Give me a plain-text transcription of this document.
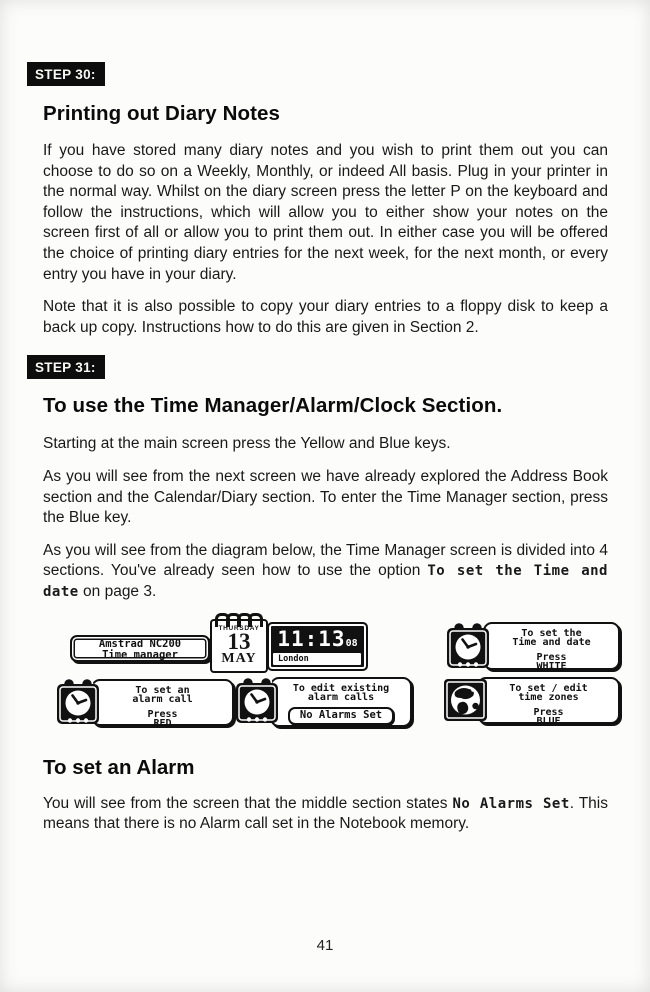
STEP 30:
Printing out Diary Notes

If you have stored many diary notes and you wish to print them out you can choose to do so on a Weekly, Monthly, or indeed All basis. Plug in your printer in the normal way. Whilst on the diary screen press the letter P on the keyboard and follow the instructions, which will allow you to either show your notes on the screen first of all or allow you to print them out. In either case you will be offered the choice of printing diary entries for the next week, for the next month, or every entry you have in your diary.

Note that it is also possible to copy your diary entries to a floppy disk to keep a back up copy. Instructions how to do this are given in Section 2.

STEP 31:
To use the Time Manager/Alarm/Clock Section.

Starting at the main screen press the Yellow and Blue keys.

As you will see from the next screen we have already explored the Address Book section and the Calendar/Diary section. To enter the Time Manager section, press the Blue key.

As you will see from the diagram below, the Time Manager screen is divided into 4 sections. You've already seen how to use the option To set the Time and date on page 3.

Amstrad NC200
Time manager
THURSDAY
13
MAY
11:1308
London
To set the
Time and date
Press
WHITE
To set an
alarm call
Press
RED
To edit existing
alarm calls
No Alarms Set
To set / edit
time zones
Press
BLUE
To set an Alarm

You will see from the screen that the middle section states No Alarms Set. This means that there is no Alarm call set in the Notebook memory.

41
